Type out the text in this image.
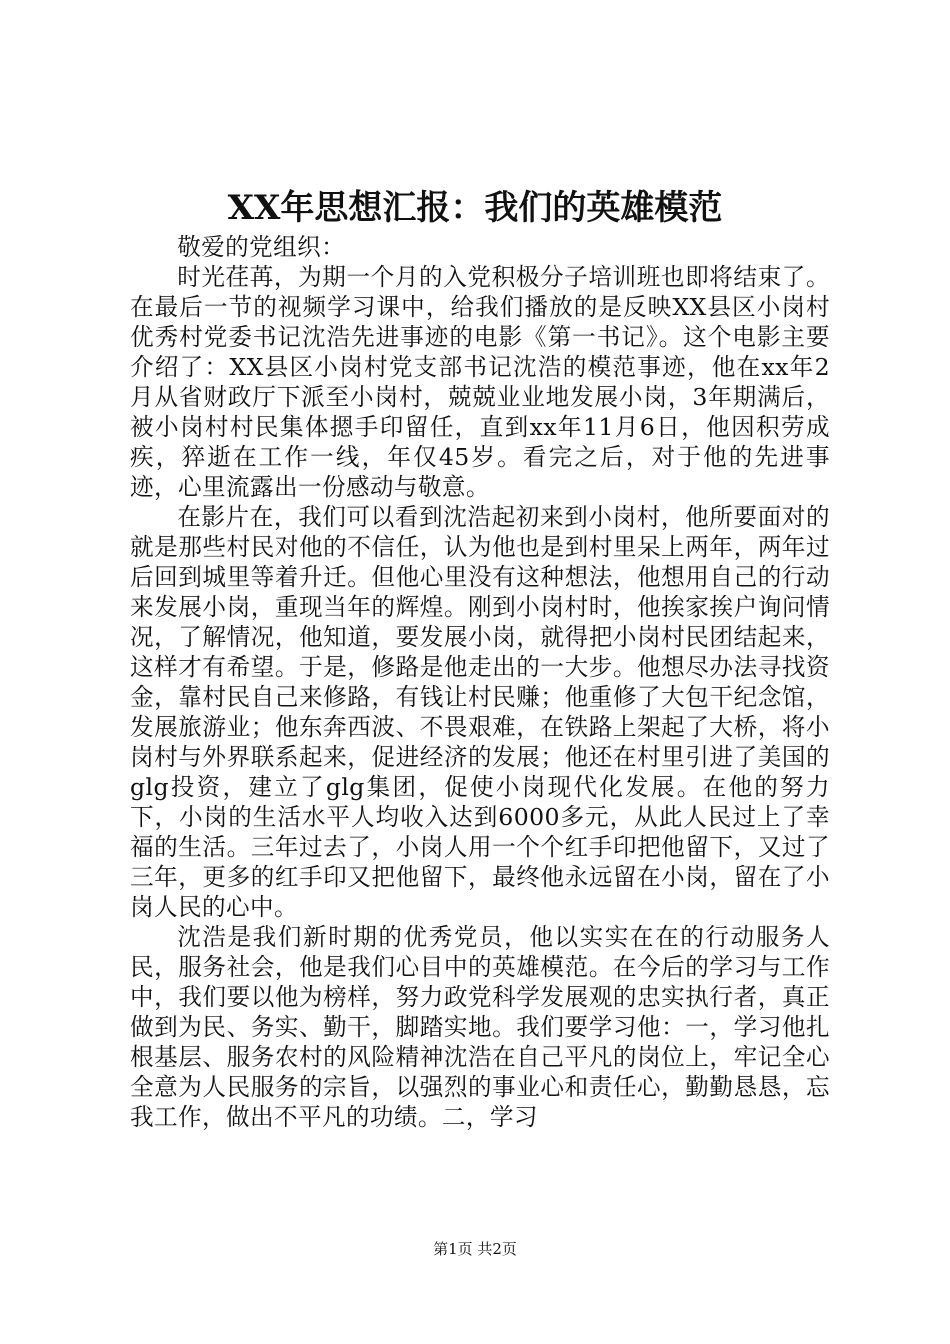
XX年思想汇报：我们的英雄模范

敬爱的党组织：

时光荏苒，为期一个月的入党积极分子培训班也即将结束了。在最后一节的视频学习课中，给我们播放的是反映XX县区小岗村优秀村党委书记沈浩先进事迹的电影《第一书记》。这个电影主要介绍了：XX县区小岗村党支部书记沈浩的模范事迹，他在xx年2月从省财政厅下派至小岗村，兢兢业业地发展小岗，3年期满后，被小岗村村民集体摁手印留任，直到xx年11月6日，他因积劳成疾，猝逝在工作一线，年仅45岁。看完之后，对于他的先进事迹，心里流露出一份感动与敬意。

在影片在，我们可以看到沈浩起初来到小岗村，他所要面对的就是那些村民对他的不信任，认为他也是到村里呆上两年，两年过后回到城里等着升迁。但他心里没有这种想法，他想用自己的行动来发展小岗，重现当年的辉煌。刚到小岗村时，他挨家挨户询问情况，了解情况，他知道，要发展小岗，就得把小岗村民团结起来，这样才有希望。于是，修路是他走出的一大步。他想尽办法寻找资金，靠村民自己来修路，有钱让村民赚；他重修了大包干纪念馆，发展旅游业；他东奔西波、不畏艰难，在铁路上架起了大桥，将小岗村与外界联系起来，促进经济的发展；他还在村里引进了美国的glg投资，建立了glg集团，促使小岗现代化发展。在他的努力下，小岗的生活水平人均收入达到6000多元，从此人民过上了幸福的生活。三年过去了，小岗人用一个个红手印把他留下，又过了三年，更多的红手印又把他留下，最终他永远留在小岗，留在了小岗人民的心中。

沈浩是我们新时期的优秀党员，他以实实在在的行动服务人民，服务社会，他是我们心目中的英雄模范。在今后的学习与工作中，我们要以他为榜样，努力政党科学发展观的忠实执行者，真正做到为民、务实、勤干，脚踏实地。我们要学习他：一，学习他扎根基层、服务农村的风险精神沈浩在自己平凡的岗位上，牢记全心全意为人民服务的宗旨，以强烈的事业心和责任心，勤勤恳恳，忘我工作，做出不平凡的功绩。二，学习

第1页 共2页
